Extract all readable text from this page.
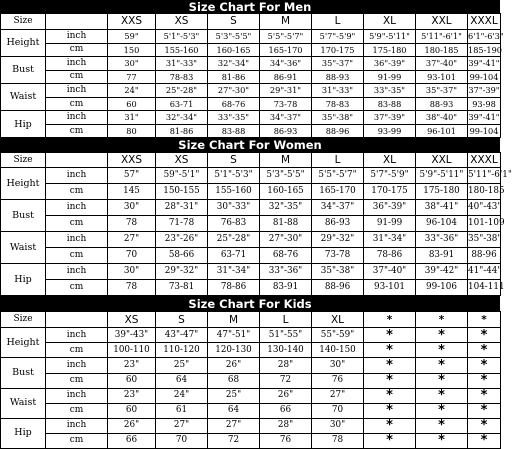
Size Chart For Men
Size		XXS	XS	S	M	L	XL	XXL	XXXL	
Height	inch	59"	5'1"-5'3"	5'3"-5'5"	5'5"-5'7"	5'7"-5'9"	5'9"-5'11"	5'11"-6'1"	6'1"-6'3"	
	cm	150	155-160	160-165	165-170	170-175	175-180	180-185	185-190	
Bust	inch	30"	31"-33"	32"-34"	34"-36"	35"-37"	36"-39"	37"-40"	39"-41"	
	cm	77	78-83	81-86	86-91	88-93	91-99	93-101	99-104	
Waist	inch	24"	25"-28"	27"-30"	29"-31"	31"-33"	33"-35"	35"-37"	37"-39"	
	cm	60	63-71	68-76	73-78	78-83	83-88	88-93	93-98	
Hip	inch	31"	32"-34"	33"-35"	34"-37"	35"-38"	37"-39"	38"-40"	39"-41"	
	cm	80	81-86	83-88	86-93	88-96	93-99	96-101	99-104	
Size Chart For Women
Size		XXS	XS	S	M	L	XL	XXL	XXXL	
Height	inch	57"	59"-5'1"	5'1"-5'3"	5'3"-5'5"	5'5"-5'7"	5'7"-5'9"	5'9"-5'11"	5'11"-6'1"	
	cm	145	150-155	155-160	160-165	165-170	170-175	175-180	180-185	
Bust	inch	30"	28"-31"	30"-33"	32"-35"	34"-37"	36"-39"	38"-41"	40"-43"	
	cm	78	71-78	76-83	81-88	86-93	91-99	96-104	101-109	
Waist	inch	27"	23"-26"	25"-28"	27"-30"	29"-32"	31"-34"	33"-36"	35"-38"	
	cm	70	58-66	63-71	68-76	73-78	78-86	83-91	88-96	
Hip	inch	30"	29"-32"	31"-34"	33"-36"	35"-38"	37"-40"	39"-42"	41"-44"	
	cm	78	73-81	78-86	83-91	88-96	93-101	99-106	104-111	
Size Chart For Kids
Size		XS	S	M	L	XL	*	*	*	
Height	inch	39"-43"	43"-47"	47"-51"	51"-55"	55"-59"	*	*	*	
	cm	100-110	110-120	120-130	130-140	140-150	*	*	*	
Bust	inch	23"	25"	26"	28"	30"	*	*	*	
	cm	60	64	68	72	76	*	*	*	
Waist	inch	23"	24"	25"	26"	27"	*	*	*	
	cm	60	61	64	66	70	*	*	*	
Hip	inch	26"	27"	27"	28"	30"	*	*	*	
	cm	66	70	72	76	78	*	*	*	
